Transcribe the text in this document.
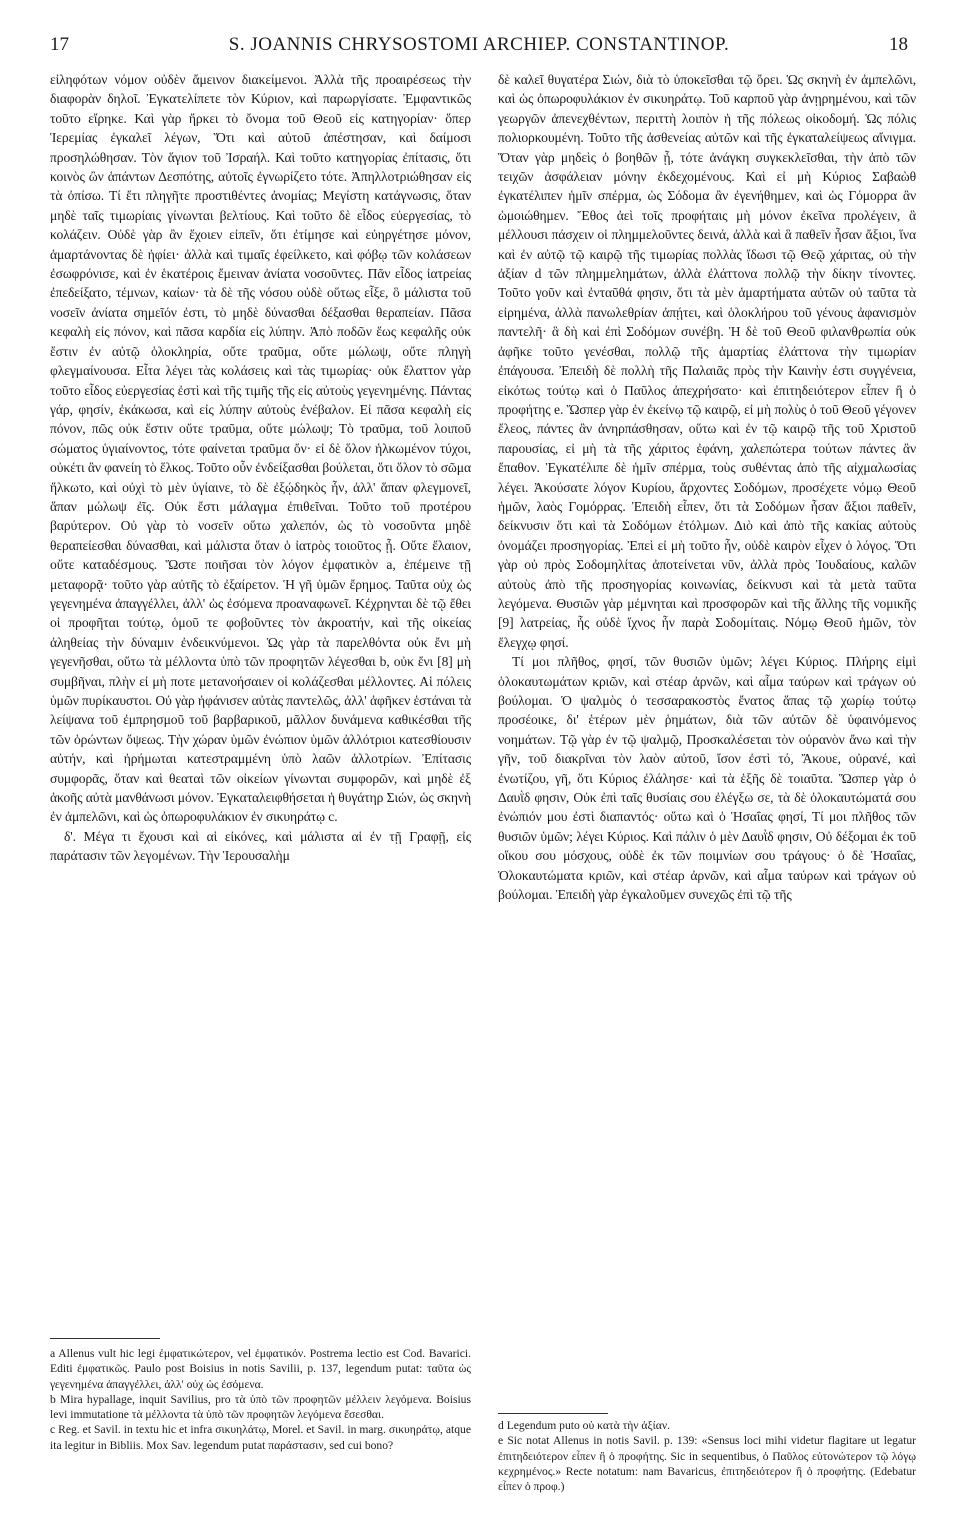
17	S. JOANNIS CHRYSOSTOMI ARCHIEP. CONSTANTINOP.	18

εἰληφότων νόμον οὐδὲν ἄμεινον διακείμενοι. Ἀλλὰ τῆς προαιρέσεως τὴν διαφορὰν δηλοῖ. Ἐγκατελίπετε τὸν Κύριον, καὶ παρωργίσατε. Ἐμφαντικῶς τοῦτο εἴρηκε. Καὶ γὰρ ἤρκει τὸ ὄνομα τοῦ Θεοῦ εἰς κατηγορίαν· ὅπερ Ἱερεμίας ἐγκαλεῖ λέγων, Ὅτι καὶ αὐτοῦ ἀπέστησαν, καὶ δαίμοσι προσηλώθησαν. Τὸν ἅγιον τοῦ Ἰσραήλ. Καὶ τοῦτο κατηγορίας ἐπίτασις, ὅτι κοινὸς ὢν ἁπάντων Δεσπότης, αὐτοῖς ἐγνωρίζετο τότε. Ἀπηλλοτριώθησαν εἰς τὰ ὀπίσω. Τί ἔτι πληγῆτε προστιθέντες ἀνομίας; Μεγίστη κατάγνωσις, ὅταν μηδὲ ταῖς τιμωρίαις γίνωνται βελτίους. Καὶ τοῦτο δὲ εἶδος εὐεργεσίας, τὸ κολάζειν. Οὐδὲ γὰρ ἂν ἔχοιεν εἰπεῖν, ὅτι ἐτίμησε καὶ εὐηργέτησε μόνον, ἁμαρτάνοντας δὲ ἠφίει· ἀλλὰ καὶ τιμαῖς ἐφείλκετο, καὶ φόβῳ τῶν κολάσεων ἐσωφρόνισε, καὶ ἐν ἑκατέροις ἔμειναν ἀνίατα νοσοῦντες. Πᾶν εἶδος ἰατρείας ἐπεδείξατο, τέμνων, καίων· τὰ δὲ τῆς νόσου οὐδὲ οὕτως εἶξε, ὃ μάλιστα τοῦ νοσεῖν ἀνίατα σημεῖόν ἐστι, τὸ μηδὲ δύνασθαι δέξασθαι θεραπείαν. Πᾶσα κεφαλὴ εἰς πόνον, καὶ πᾶσα καρδία εἰς λύπην. Ἀπὸ ποδῶν ἕως κεφαλῆς οὐκ ἔστιν ἐν αὐτῷ ὁλοκληρία, οὔτε τραῦμα, οὔτε μώλωψ, οὔτε πληγὴ φλεγμαίνουσα. Εἶτα λέγει τὰς κολάσεις καὶ τὰς τιμωρίας· οὐκ ἔλαττον γὰρ τοῦτο εἶδος εὐεργεσίας ἐστὶ καὶ τῆς τιμῆς τῆς εἰς αὐτοὺς γεγενημένης. Πάντας γάρ, φησίν, ἐκάκωσα, καὶ εἰς λύπην αὐτοὺς ἐνέβαλον. Εἰ πᾶσα κεφαλὴ εἰς πόνον, πῶς οὐκ ἔστιν οὔτε τραῦμα, οὔτε μώλωψ; Τὸ τραῦμα, τοῦ λοιποῦ σώματος ὑγιαίνοντος, τότε φαίνεται τραῦμα ὄν· εἰ δὲ ὅλον ἡλκωμένον τύχοι, οὐκέτι ἂν φανείη τὸ ἕλκος. Τοῦτο οὖν ἐνδείξασθαι βούλεται, ὅτι ὅλον τὸ σῶμα ἥλκωτο, καὶ οὐχὶ τὸ μὲν ὑγίαινε, τὸ δὲ ἐξῴδηκὸς ἦν, ἀλλ' ἅπαν φλεγμονεῖ, ἅπαν μώλωψ ἐῖς. Οὐκ ἔστι μάλαγμα ἐπιθεῖναι. Τοῦτο τοῦ προτέρου βαρύτερον. Οὐ γὰρ τὸ νοσεῖν οὕτω χαλεπόν, ὡς τὸ νοσοῦντα μηδὲ θεραπείεσθαι δύνασθαι, καὶ μάλιστα ὅταν ὁ ἰατρὸς τοιοῦτος ᾖ. Οὔτε ἔλαιον, οὔτε καταδέσμους. Ὥστε ποιῆσαι τὸν λόγον ἐμφατικὸν a, ἐπέμεινε τῇ μεταφορᾷ· τοῦτο γὰρ αὐτῆς τὸ ἐξαίρετον. Ἡ γῆ ὑμῶν ἔρημος. Ταῦτα οὐχ ὡς γεγενημένα ἀπαγγέλλει, ἀλλ' ὡς ἐσόμενα προαναφωνεῖ. Κέχρηνται δὲ τῷ ἔθει οἱ προφῆται τούτῳ, ὁμοῦ τε φοβοῦντες τὸν ἀκροατήν, καὶ τῆς οἰκείας ἀληθείας τὴν δύναμιν ἐνδεικνύμενοι. Ὡς γὰρ τὰ παρελθόντα οὐκ ἔνι μὴ γεγενῆσθαι, οὕτω τὰ μέλλοντα ὑπὸ τῶν προφητῶν λέγεσθαι b, οὐκ ἔνι [8] μὴ συμβῆναι, πλὴν εἰ μὴ ποτε μετανοήσαιεν οἱ κολάζεσθαι μέλλοντες. Αἱ πόλεις ὑμῶν πυρίκαυστοι. Οὐ γὰρ ἠφάνισεν αὐτὰς παντελῶς, ἀλλ' ἀφῆκεν ἑστάναι τὰ λείψανα τοῦ ἐμπρησμοῦ τοῦ βαρβαρικοῦ, μᾶλλον δυνάμενα καθικέσθαι τῆς τῶν ὁρώντων ὄψεως. Τὴν χώραν ὑμῶν ἐνώπιον ὑμῶν ἀλλότριοι κατεσθίουσιν αὐτήν, καὶ ἠρήμωται κατεστραμμένη ὑπὸ λαῶν ἀλλοτρίων. Ἐπίτασις συμφορᾶς, ὅταν καὶ θεαταὶ τῶν οἰκείων γίνωνται συμφορῶν, καὶ μηδὲ ἐξ ἀκοῆς αὐτὰ μανθάνωσι μόνον. Ἐγκαταλειφθήσεται ἡ θυγάτηρ Σιών, ὡς σκηνὴ ἐν ἀμπελῶνι, καὶ ὡς ὀπωροφυλάκιον ἐν σικυηράτῳ c.

δ'. Μέγα τι ἔχουσι καὶ αἱ εἰκόνες, καὶ μάλιστα αἱ ἐν τῇ Γραφῇ, εἰς παράτασιν τῶν λεγομένων. Τὴν Ἱερουσαλὴμ

δὲ καλεῖ θυγατέρα Σιών, διὰ τὸ ὑποκεῖσθαι τῷ ὄρει. Ὡς σκηνὴ ἐν ἀμπελῶνι, καὶ ὡς ὀπωροφυλάκιον ἐν σικυηράτῳ. Τοῦ καρποῦ γὰρ ἀνῃρημένου, καὶ τῶν γεωργῶν ἀπενεχθέντων, περιττὴ λοιπὸν ἡ τῆς πόλεως οἰκοδομή. Ὡς πόλις πολιορκουμένη. Τοῦτο τῆς ἀσθενείας αὐτῶν καὶ τῆς ἐγκαταλείψεως αἴνιγμα. Ὅταν γὰρ μηδεὶς ὁ βοηθῶν ᾖ, τότε ἀνάγκη συγκεκλεῖσθαι, τὴν ἀπὸ τῶν τειχῶν ἀσφάλειαν μόνην ἐκδεχομένους. Καὶ εἰ μὴ Κύριος Σαβαὼθ ἐγκατέλιπεν ἡμῖν σπέρμα, ὡς Σόδομα ἂν ἐγενήθημεν, καὶ ὡς Γόμορρα ἂν ὡμοιώθημεν. Ἔθος ἀεὶ τοῖς προφήταις μὴ μόνον ἐκεῖνα προλέγειν, ἃ μέλλουσι πάσχειν οἱ πλημμελοῦντες δεινά, ἀλλὰ καὶ ἃ παθεῖν ἦσαν ἄξιοι, ἵνα καὶ ἐν αὐτῷ τῷ καιρῷ τῆς τιμωρίας πολλὰς ἴδωσι τῷ Θεῷ χάριτας, οὐ τὴν ἀξίαν d τῶν πλημμελημάτων, ἀλλὰ ἐλάττονα πολλῷ τὴν δίκην τίνοντες. Τοῦτο γοῦν καὶ ἐνταῦθά φησιν, ὅτι τὰ μὲν ἁμαρτήματα αὐτῶν οὐ ταῦτα τὰ εἰρημένα, ἀλλὰ πανωλεθρίαν ἀπῄτει, καὶ ὁλοκλήρου τοῦ γένους ἀφανισμὸν παντελῆ· ἃ δὴ καὶ ἐπὶ Σοδόμων συνέβη. Ἡ δὲ τοῦ Θεοῦ φιλανθρωπία οὐκ ἀφῆκε τοῦτο γενέσθαι, πολλῷ τῆς ἁμαρτίας ἐλάττονα τὴν τιμωρίαν ἐπάγουσα. Ἐπειδὴ δὲ πολλὴ τῆς Παλαιᾶς πρὸς τὴν Καινὴν ἐστι συγγένεια, εἰκότως τούτῳ καὶ ὁ Παῦλος ἀπεχρήσατο· καὶ ἐπιτηδειότερον εἶπεν ἢ ὁ προφήτης e. Ὥσπερ γὰρ ἐν ἐκείνῳ τῷ καιρῷ, εἰ μὴ πολὺς ὁ τοῦ Θεοῦ γέγονεν ἔλεος, πάντες ἂν ἀνηρπάσθησαν, οὕτω καὶ ἐν τῷ καιρῷ τῆς τοῦ Χριστοῦ παρουσίας, εἰ μὴ τὰ τῆς χάριτος ἐφάνη, χαλεπώτερα τούτων πάντες ἂν ἔπαθον. Ἐγκατέλιπε δὲ ἡμῖν σπέρμα, τοὺς συθέντας ἀπὸ τῆς αἰχμαλωσίας λέγει. Ἀκούσατε λόγον Κυρίου, ἄρχοντες Σοδόμων, προσέχετε νόμῳ Θεοῦ ἡμῶν, λαὸς Γομόρρας. Ἐπειδὴ εἶπεν, ὅτι τὰ Σοδόμων ἦσαν ἄξιοι παθεῖν, δείκνυσιν ὅτι καὶ τὰ Σοδόμων ἐτόλμων. Διὸ καὶ ἀπὸ τῆς κακίας αὐτοὺς ὀνομάζει προσηγορίας. Ἐπεὶ εἰ μὴ τοῦτο ἦν, οὐδὲ καιρὸν εἶχεν ὁ λόγος. Ὅτι γὰρ οὐ πρὸς Σοδομηλίτας ἀποτείνεται νῦν, ἀλλὰ πρὸς Ἰουδαίους, καλῶν αὐτοὺς ἀπὸ τῆς προσηγορίας κοινωνίας, δείκνυσι καὶ τὰ μετὰ ταῦτα λεγόμενα. Θυσιῶν γὰρ μέμνηται καὶ προσφορῶν καὶ τῆς ἄλλης τῆς νομικῆς [9] λατρείας, ἧς οὐδὲ ἴχνος ἦν παρὰ Σοδομίταις. Νόμῳ Θεοῦ ἡμῶν, τὸν ἔλεγχῳ φησί.

Τί μοι πλῆθος, φησί, τῶν θυσιῶν ὑμῶν; λέγει Κύριος. Πλήρης εἰμὶ ὁλοκαυτωμάτων κριῶν, καὶ στέαρ ἀρνῶν, καὶ αἷμα ταύρων καὶ τράγων οὐ βούλομαι. Ὁ ψαλμὸς ὁ τεσσαρακοστὸς ἔνατος ἅπας τῷ χωρίῳ τούτῳ προσέοικε, δι' ἑτέρων μὲν ῥημάτων, διὰ τῶν αὐτῶν δὲ ὑφαινόμενος νοημάτων. Τῷ γὰρ ἐν τῷ ψαλμῷ, Προσκαλέσεται τὸν οὐρανὸν ἄνω καὶ τὴν γῆν, τοῦ διακρῖναι τὸν λαὸν αὐτοῦ, ἴσον ἐστὶ τό, Ἄκουε, οὐρανέ, καὶ ἐνωτίζου, γῆ, ὅτι Κύριος ἐλάλησε· καὶ τὰ ἑξῆς δὲ τοιαῦτα. Ὥσπερ γὰρ ὁ Δαυῒδ φησιν, Οὐκ ἐπὶ ταῖς θυσίαις σου ἐλέγξω σε, τὰ δὲ ὁλοκαυτώματά σου ἐνώπιόν μου ἐστὶ διαπαντός· οὕτω καὶ ὁ Ἡσαΐας φησί, Τί μοι πλῆθος τῶν θυσιῶν ὑμῶν; λέγει Κύριος. Καὶ πάλιν ὁ μὲν Δαυῒδ φησιν, Οὐ δέξομαι ἐκ τοῦ οἴκου σου μόσχους, οὐδὲ ἐκ τῶν ποιμνίων σου τράγους· ὁ δὲ Ἡσαΐας, Ὁλοκαυτώματα κριῶν, καὶ στέαρ ἀρνῶν, καὶ αἷμα ταύρων καὶ τράγων οὐ βούλομαι. Ἐπειδὴ γὰρ ἐγκαλοῦμεν συνεχῶς ἐπὶ τῷ τῆς

a Allenus vult hic legi ἐμφατικώτερον, vel ἐμφατικόν. Postrema lectio est Cod. Bavarici. Editi ἐμφατικῶς. Paulo post Boisius in notis Savilii, p. 137, legendum putat: ταῦτα ὡς γεγενημένα ἀπαγγέλλει, ἀλλ' οὐχ ὡς ἐσόμενα.

b Mira hypallage, inquit Savilius, pro τὰ ὑπὸ τῶν προφητῶν μέλλειν λεγόμενα. Boisius levi immutatione τὰ μέλλοντα τὰ ὑπὸ τῶν προφητῶν λεγόμενα ἔσεσθαι.

c Reg. et Savil. in textu hic et infra σικυηλάτῳ, Morel. et Savil. in marg. σικυηράτῳ, atque ita legitur in Bibliis. Mox Sav. legendum putat παράστασιν, sed cui bono?

d Legendum puto οὐ κατὰ τὴν ἀξίαν.

e Sic notat Allenus in notis Savil. p. 139: «Sensus loci mihi videtur flagitare ut legatur ἐπιτηδειότερον εἶπεν ἢ ὁ προφήτης. Sic in sequentibus, ὁ Παῦλος εὐτονώτερον τῷ λόγῳ κεχρημένος.» Recte notatum: nam Bavaricus, ἐπιτηδειότερον ἢ ὁ προφήτης. (Edebatur εἶπεν ὁ προφ.)
